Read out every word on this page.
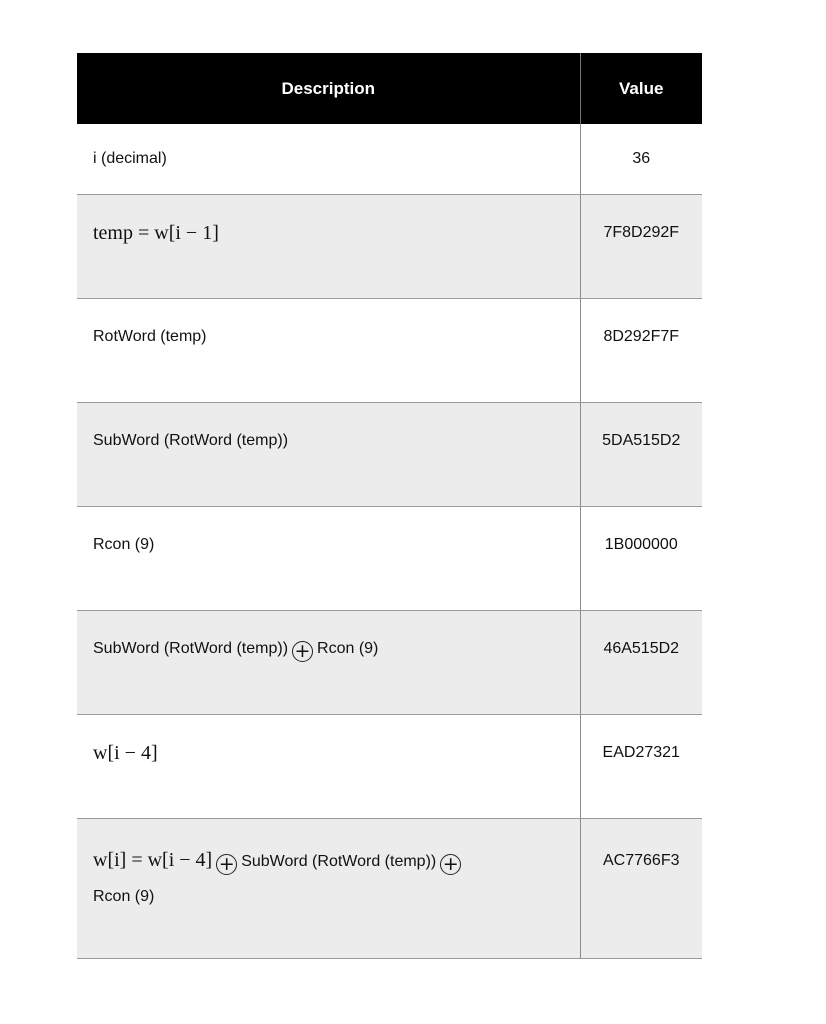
Description	Value

i (decimal)	36

temp = w[i − 1]	7F8D292F

RotWord (temp)	8D292F7F

SubWord (RotWord (temp))	5DA515D2

Rcon (9)	1B000000

SubWord (RotWord (temp)) + Rcon (9)	46A515D2

w[i − 4]	EAD27321

w[i] = w[i − 4] + SubWord (RotWord (temp)) +
Rcon (9)	AC7766F3
